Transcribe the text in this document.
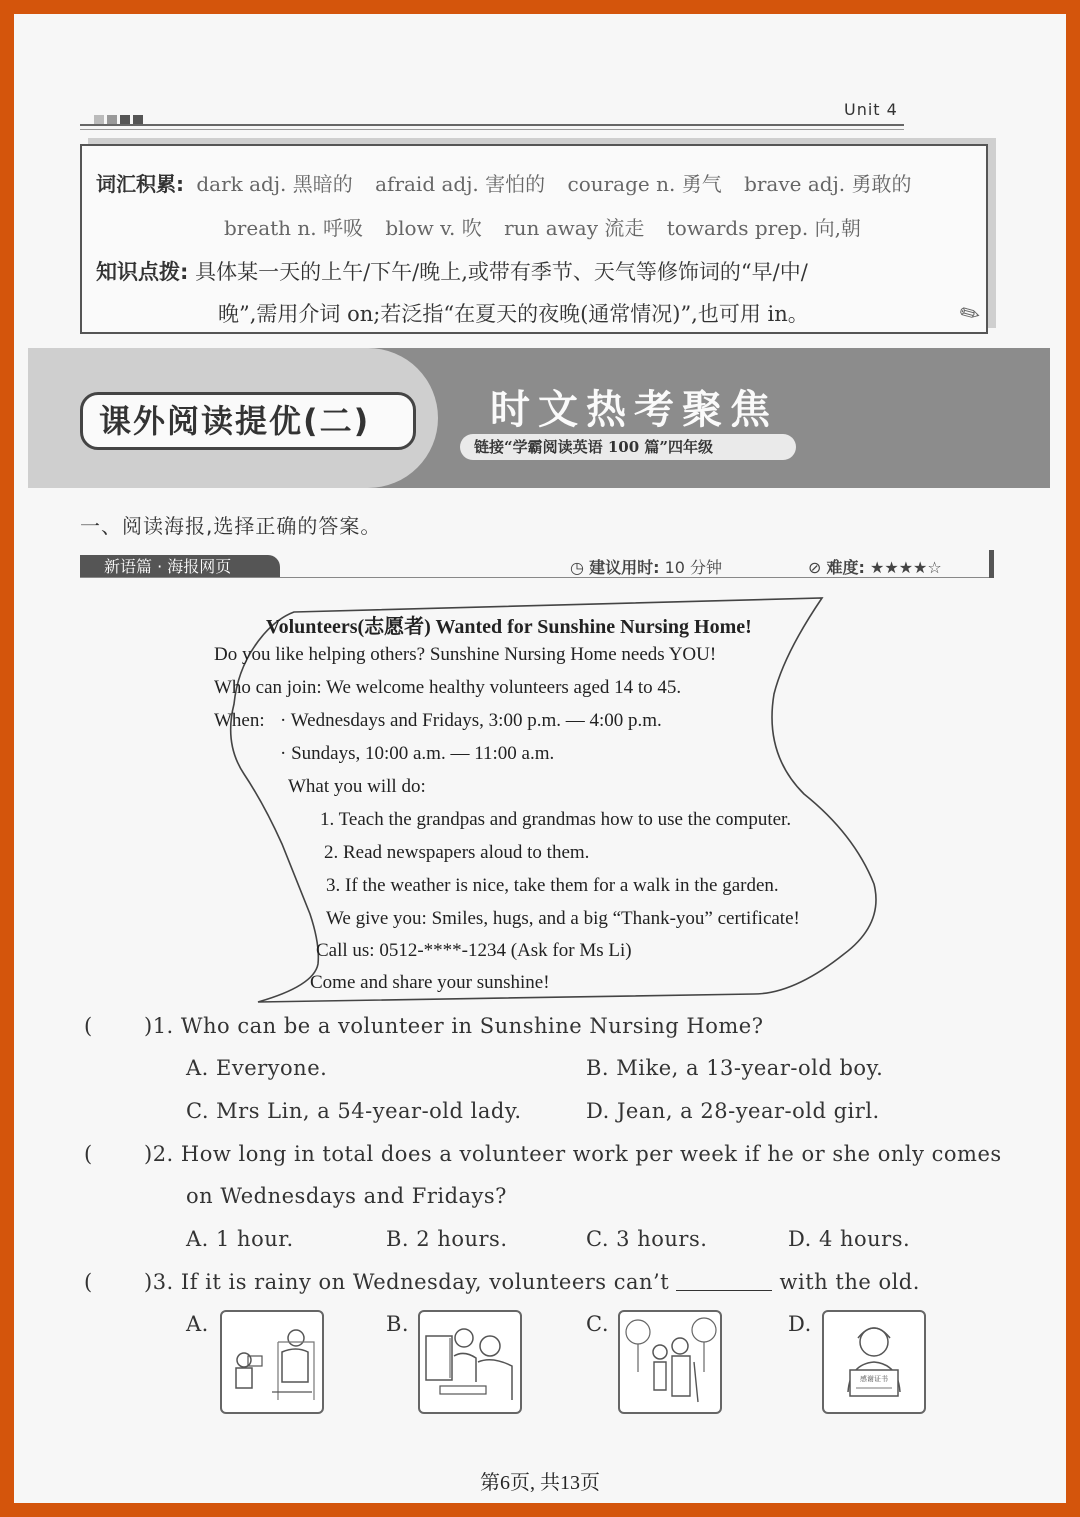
Unit 4
词汇积累: dark adj. 黑暗的 afraid adj. 害怕的 courage n. 勇气 brave adj. 勇敢的
breath n. 呼吸 blow v. 吹 run away 流走 towards prep. 向,朝
知识点拨: 具体某一天的上午/下午/晚上,或带有季节、天气等修饰词的“早/中/
晚”,需用介词 on;若泛指“在夏天的夜晚(通常情况)”,也可用 in。	✎
课外阅读提优(二)	时文热考聚焦
链接“学霸阅读英语 100 篇”四年级
一、阅读海报,选择正确的答案。
新语篇 · 海报网页	◷ 建议用时: 10 分钟	⊘ 难度: ★★★★☆
Volunteers(志愿者) Wanted for Sunshine Nursing Home!
Do you like helping others? Sunshine Nursing Home needs YOU!
Who can join: We welcome healthy volunteers aged 14 to 45.
When: · Wednesdays and Fridays, 3:00 p.m. — 4:00 p.m.
· Sundays, 10:00 a.m. — 11:00 a.m.
What you will do:
1. Teach the grandpas and grandmas how to use the computer.
2. Read newspapers aloud to them.
3. If the weather is nice, take them for a walk in the garden.
We give you: Smiles, hugs, and a big “Thank-you” certificate!
Call us: 0512-****-1234 (Ask for Ms Li)
Come and share your sunshine!
( )1. Who can be a volunteer in Sunshine Nursing Home?
A. Everyone.	B. Mike, a 13-year-old boy.
C. Mrs Lin, a 54-year-old lady.	D. Jean, a 28-year-old girl.
( )2. How long in total does a volunteer work per week if he or she only comes
on Wednesdays and Fridays?
A. 1 hour.	B. 2 hours.	C. 3 hours.	D. 4 hours.
( )3. If it is rainy on Wednesday, volunteers can’t	with the old.
A.	B.	C.	D.
感谢证书
第6页, 共13页
